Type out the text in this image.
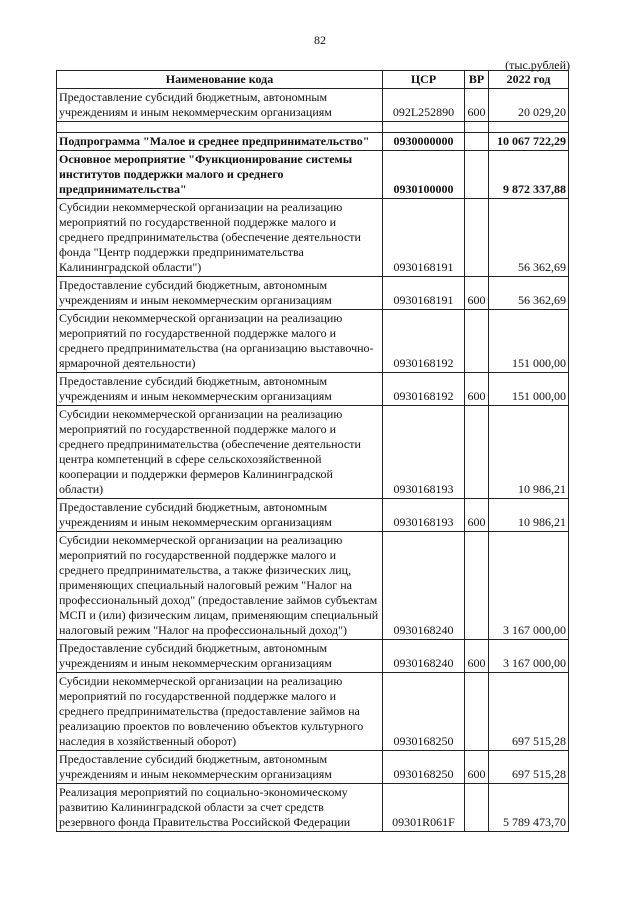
82
(тыс.рублей)
Наименование кода	ЦСР	ВР	2022 год
Предоставление субсидий бюджетным, автономным учреждениям и иным некоммерческим организациям	092L252890	600	20 029,20

Подпрограмма "Малое и среднее предпринимательство"	0930000000		10 067 722,29
Основное мероприятие "Функционирование системы институтов поддержки малого и среднего предпринимательства"	0930100000		9 872 337,88
Субсидии некоммерческой организации на реализацию мероприятий по государственной поддержке малого и среднего предпринимательства (обеспечение деятельности фонда "Центр поддержки предпринимательства Калининградской области")	0930168191		56 362,69
Предоставление субсидий бюджетным, автономным учреждениям и иным некоммерческим организациям	0930168191	600	56 362,69
Субсидии некоммерческой организации на реализацию мероприятий по государственной поддержке малого и среднего предпринимательства (на организацию выставочно-ярмарочной деятельности)	0930168192		151 000,00
Предоставление субсидий бюджетным, автономным учреждениям и иным некоммерческим организациям	0930168192	600	151 000,00
Субсидии некоммерческой организации на реализацию мероприятий по государственной поддержке малого и среднего предпринимательства (обеспечение деятельности центра компетенций в сфере сельскохозяйственной кооперации и поддержки фермеров Калининградской области)	0930168193		10 986,21
Предоставление субсидий бюджетным, автономным учреждениям и иным некоммерческим организациям	0930168193	600	10 986,21
Субсидии некоммерческой организации на реализацию мероприятий по государственной поддержке малого и среднего предпринимательства, а также физических лиц, применяющих специальный налоговый режим "Налог на профессиональный доход" (предоставление займов субъектам МСП и (или) физическим лицам, применяющим специальный налоговый режим "Налог на профессиональный доход")	0930168240		3 167 000,00
Предоставление субсидий бюджетным, автономным учреждениям и иным некоммерческим организациям	0930168240	600	3 167 000,00
Субсидии некоммерческой организации на реализацию мероприятий по государственной поддержке малого и среднего предпринимательства (предоставление займов на реализацию проектов по вовлечению объектов культурного наследия в хозяйственный оборот)	0930168250		697 515,28
Предоставление субсидий бюджетным, автономным учреждениям и иным некоммерческим организациям	0930168250	600	697 515,28
Реализация мероприятий по социально-экономическому развитию Калининградской области за счет средств резервного фонда Правительства Российской Федерации	09301R061F		5 789 473,70
